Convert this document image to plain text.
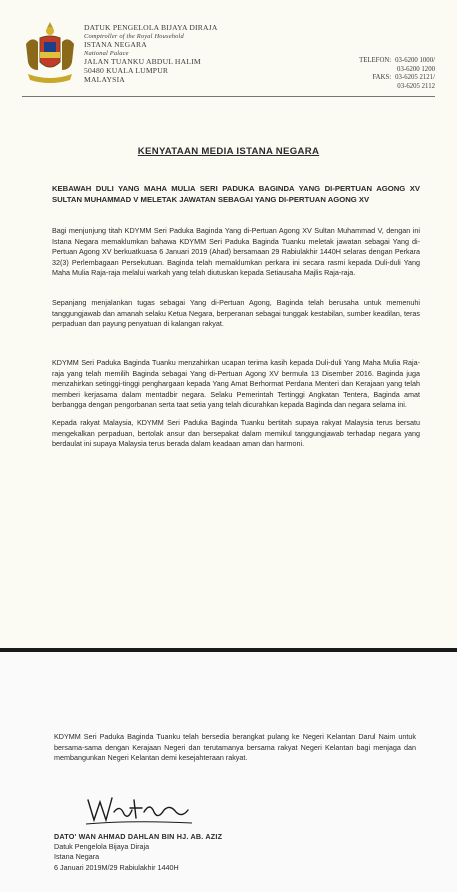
DATUK PENGELOLA BIJAYA DIRAJA
Comptroller of the Royal Household
ISTANA NEGARA
National Palace
JALAN TUANKU ABDUL HALIM
50480 KUALA LUMPUR
MALAYSIA
TELEFON: 03-6200 1000/
03-6200 1200
FAKS: 03-6205 2121/
03-6205 2112
KENYATAAN MEDIA ISTANA NEGARA
KEBAWAH DULI YANG MAHA MULIA SERI PADUKA BAGINDA YANG DI-PERTUAN AGONG XV SULTAN MUHAMMAD V MELETAK JAWATAN SEBAGAI YANG DI-PERTUAN AGONG XV

Bagi menjunjung titah KDYMM Seri Paduka Baginda Yang di-Pertuan Agong XV Sultan Muhammad V, dengan ini Istana Negara memaklumkan bahawa KDYMM Seri Paduka Baginda Tuanku meletak jawatan sebagai Yang di-Pertuan Agong XV berkuatkuasa 6 Januari 2019 (Ahad) bersamaan 29 Rabiulakhir 1440H selaras dengan Perkara 32(3) Perlembagaan Persekutuan. Baginda telah memaklumkan perkara ini secara rasmi kepada Duli-duli Yang Maha Mulia Raja-raja melalui warkah yang telah diutuskan kepada Setiausaha Majlis Raja-raja.

Sepanjang menjalankan tugas sebagai Yang di-Pertuan Agong, Baginda telah berusaha untuk memenuhi tanggungjawab dan amanah selaku Ketua Negara, berperanan sebagai tunggak kestabilan, sumber keadilan, teras perpaduan dan payung penyatuan di kalangan rakyat.

KDYMM Seri Paduka Baginda Tuanku menzahirkan ucapan terima kasih kepada Duli-duli Yang Maha Mulia Raja-raja yang telah memilih Baginda sebagai Yang di-Pertuan Agong XV bermula 13 Disember 2016. Baginda juga menzahirkan setinggi-tinggi penghargaan kepada Yang Amat Berhormat Perdana Menteri dan Kerajaan yang telah memberi kerjasama dalam mentadbir negara. Selaku Pemerintah Tertinggi Angkatan Tentera, Baginda amat berbangga dengan pengorbanan serta taat setia yang telah dicurahkan kepada Baginda dan negara selama ini.

Kepada rakyat Malaysia, KDYMM Seri Paduka Baginda Tuanku bertitah supaya rakyat Malaysia terus bersatu mengekalkan perpaduan, bertolak ansur dan bersepakat dalam memikul tanggungjawab terhadap negara yang berdaulat ini supaya Malaysia terus berada dalam keadaan aman dan harmoni.

KDYMM Seri Paduka Baginda Tuanku telah bersedia berangkat pulang ke Negeri Kelantan Darul Naim untuk bersama-sama dengan Kerajaan Negeri dan terutamanya bersama rakyat Negeri Kelantan bagi menjaga dan membangunkan Negeri Kelantan demi kesejahteraan rakyat.

DATO' WAN AHMAD DAHLAN BIN HJ. AB. AZIZ
Datuk Pengelola Bijaya Diraja
Istana Negara
6 Januari 2019M/29 Rabiulakhir 1440H
